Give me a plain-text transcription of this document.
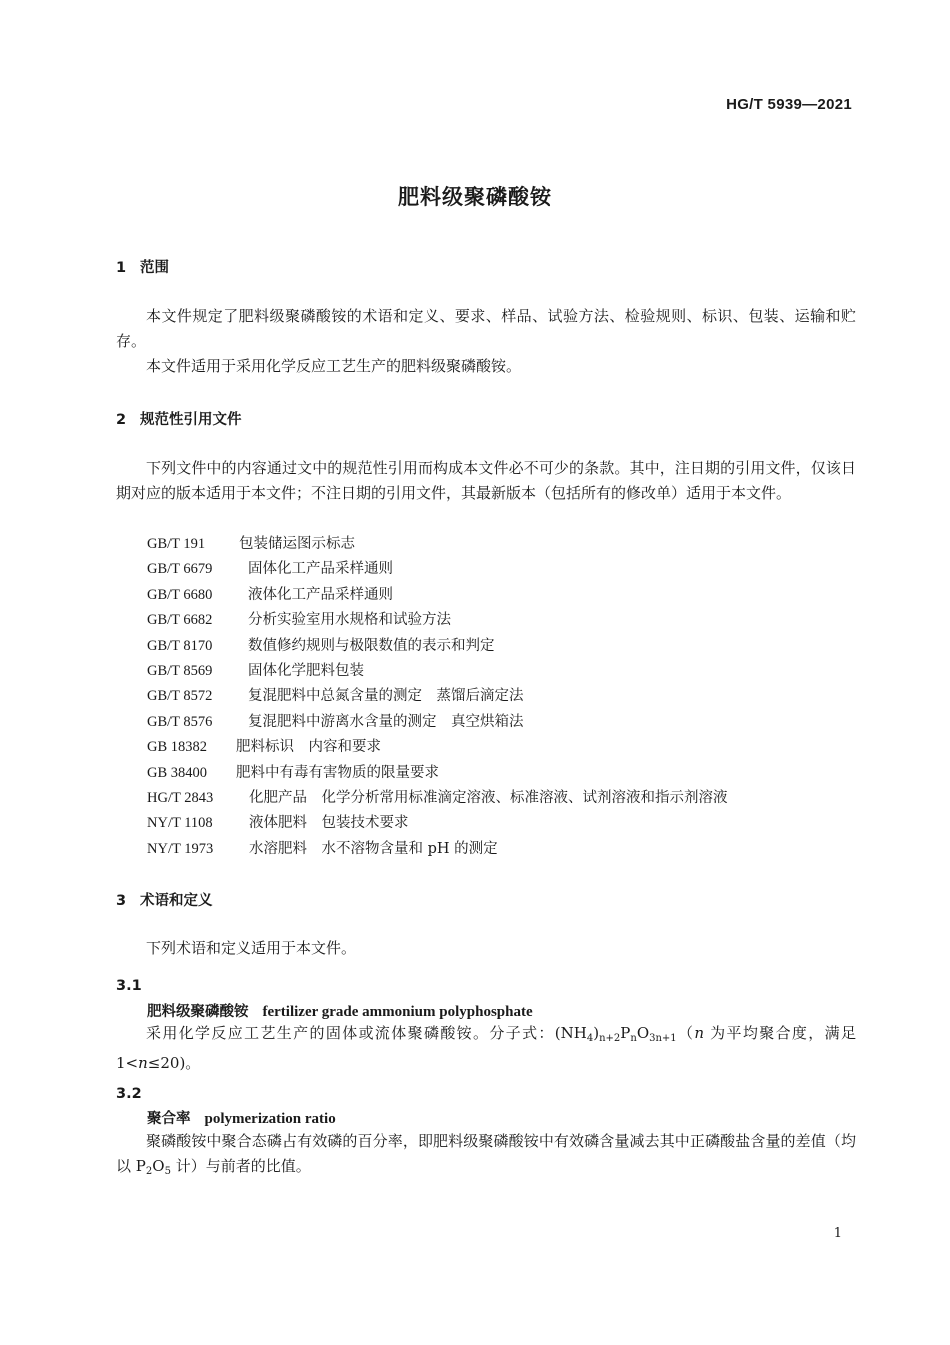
HG/T 5939—2021
肥料级聚磷酸铵
1 范围
本文件规定了肥料级聚磷酸铵的术语和定义、要求、样品、试验方法、检验规则、标识、包装、运输和贮存。
本文件适用于采用化学反应工艺生产的肥料级聚磷酸铵。
2 规范性引用文件
下列文件中的内容通过文中的规范性引用而构成本文件必不可少的条款。其中，注日期的引用文件，仅该日期对应的版本适用于本文件；不注日期的引用文件，其最新版本（包括所有的修改单）适用于本文件。
GB/T 191 包装储运图示标志
GB/T 6679 固体化工产品采样通则
GB/T 6680 液体化工产品采样通则
GB/T 6682 分析实验室用水规格和试验方法
GB/T 8170 数值修约规则与极限数值的表示和判定
GB/T 8569 固体化学肥料包装
GB/T 8572 复混肥料中总氮含量的测定　蒸馏后滴定法
GB/T 8576 复混肥料中游离水含量的测定　真空烘箱法
GB 18382 肥料标识　内容和要求
GB 38400 肥料中有毒有害物质的限量要求
HG/T 2843 化肥产品　化学分析常用标准滴定溶液、标准溶液、试剂溶液和指示剂溶液
NY/T 1108	液体肥料　包装技术要求
NY/T 1973 水溶肥料　水不溶物含量和 pH 的测定
3 术语和定义
下列术语和定义适用于本文件。
3.1
肥料级聚磷酸铵 fertilizer grade ammonium polyphosphate
采用化学反应工艺生产的固体或流体聚磷酸铵。分子式：$(NH_4)_{n+2}P_nO_{3n+1}(n$ 为平均聚合度，满足 1<n≤20)。
3.2
聚合率 polymerization ratio
聚磷酸铵中聚合态磷占有效磷的百分率，即肥料级聚磷酸铵中有效磷含量减去其中正磷酸盐含量的差值（均以 $P_2O_5$ 计）与前者的比值。
1
